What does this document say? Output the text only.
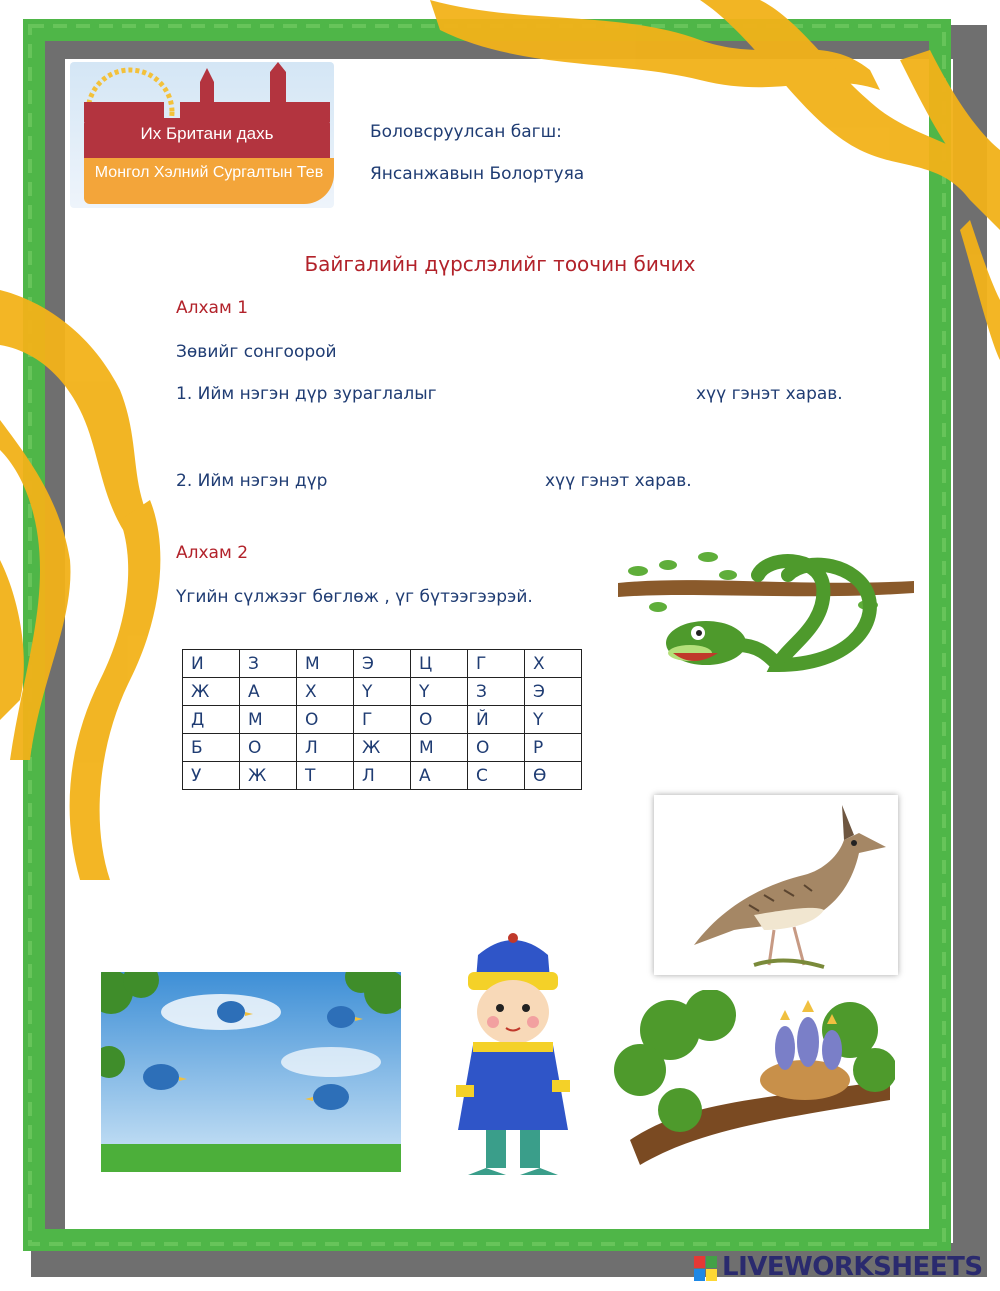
Их Британи дахь
Монгол Хэлний Сургалтын Тев
Боловсруулсан багш:
Янсанжавын Болортуяа
Байгалийн дүрслэлийг тоочин бичих
Алхам 1
Зөвийг сонгоорой
1. Ийм нэгэн дүр зураглалыг	хүү гэнэт харав.
2. Ийм нэгэн дүр	хүү гэнэт харав.
Алхам 2
Үгийн сүлжээг бөглөж , үг бүтээгээрэй.
И	З	М	Э	Ц	Г	Х
Ж	А	Х	Ү	Ү	З	Э
Д	М	О	Г	О	Й	Ү
Б	О	Л	Ж	М	О	Р
У	Ж	Т	Л	А	С	Ө
LIVEWORKSHEETS
